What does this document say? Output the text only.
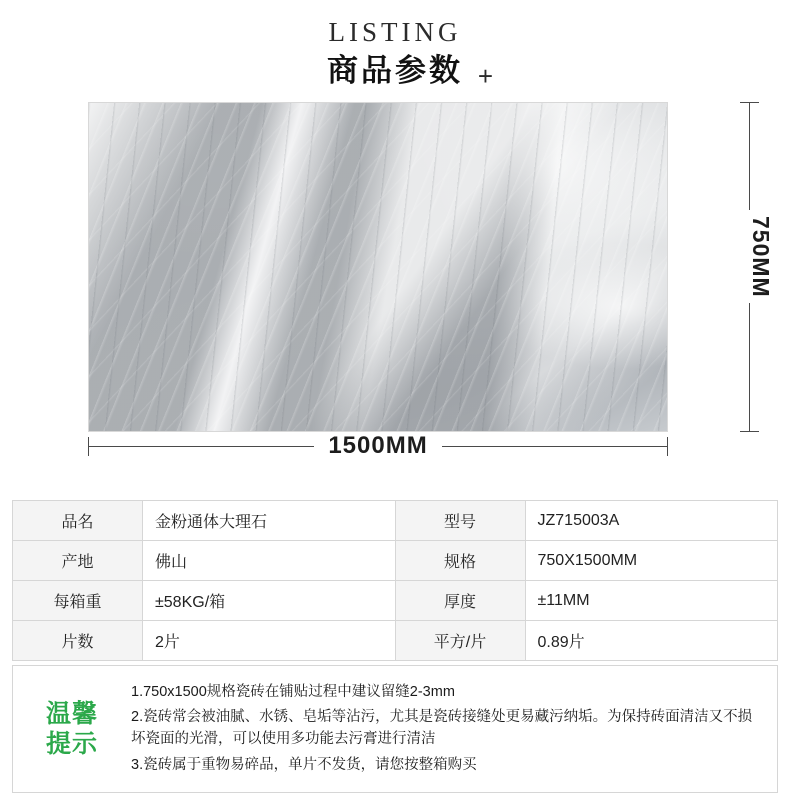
LISTING
商品参数 +
750MM
1500MM
品名	金粉通体大理石	型号	JZ715003A
产地	佛山	规格	750X1500MM
每箱重	±58KG/箱	厚度	±11MM
片数	2片	平方/片	0.89片
温馨
提示

1.750x1500规格瓷砖在铺贴过程中建议留缝2-3mm

2.瓷砖常会被油腻、水锈、皂垢等沾污，尤其是瓷砖接缝处更易藏污纳垢。为保持砖面清洁又不损坏瓷面的光滑，可以使用多功能去污膏进行清洁

3.瓷砖属于重物易碎品，单片不发货，请您按整箱购买
